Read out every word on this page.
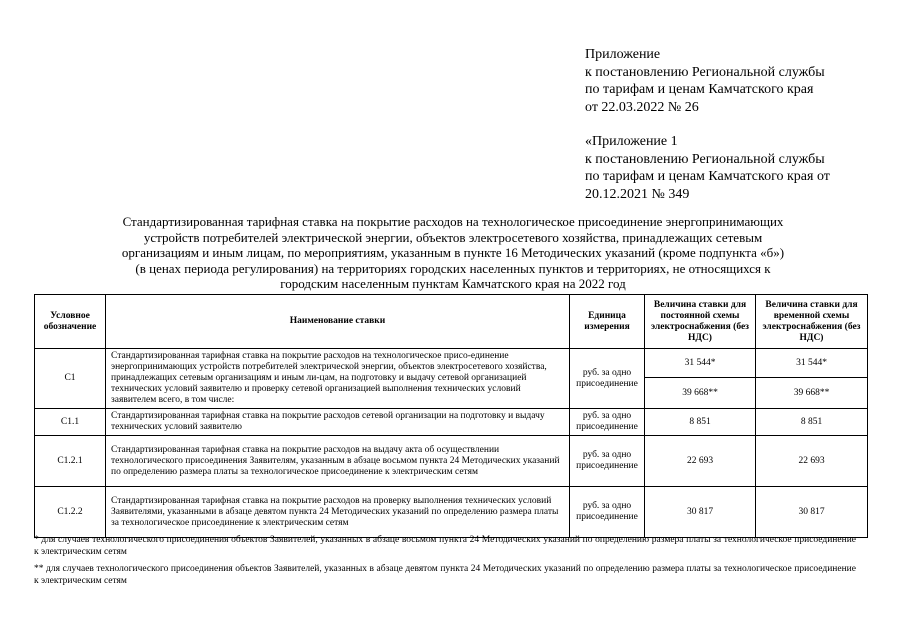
Приложение
к постановлению Региональной службы
по тарифам и ценам Камчатского края
от 22.03.2022 № 26
«Приложение 1
к постановлению Региональной службы
по тарифам и ценам Камчатского края от
20.12.2021 № 349
Стандартизированная тарифная ставка на покрытие расходов на технологическое присоединение энергопринимающих устройств потребителей электрической энергии, объектов электросетевого хозяйства, принадлежащих сетевым организациям и иным лицам, по мероприятиям, указанным в пункте 16 Методических указаний (кроме подпункта «б») (в ценах периода регулирования) на территориях городских населенных пунктов и территориях, не относящихся к городским населенным пунктам Камчатского края на 2022 год
Условное обозначение	Наименование ставки	Единица измерения	Величина ставки для постоянной схемы электроснабжения (без НДС)	Величина ставки для временной схемы электроснабжения (без НДС)
С1	Стандартизированная тарифная ставка на покрытие расходов на технологическое присо-единение энергопринимающих устройств потребителей электрической энергии, объектов электросетевого хозяйства, принадлежащих сетевым организациям и иным ли-цам, на подготовку и выдачу сетевой организацией технических условий заявителю и проверку сетевой организацией выполнения технических условий заявителем всего, в том числе:	руб. за одно присоединение	31 544*	31 544*
			39 668**	39 668**
С1.1	Стандартизированная тарифная ставка на покрытие расходов сетевой организации на подготовку и выдачу технических условий заявителю	руб. за одно присоединение	8 851	8 851
С1.2.1	Стандартизированная тарифная ставка на покрытие расходов на выдачу акта об осуществлении технологического присоединения Заявителям, указанным в абзаце восьмом пункта 24 Методических указаний по определению размера платы за технологическое присоединение к электрическим сетям	руб. за одно присоединение	22 693	22 693
С1.2.2	Стандартизированная тарифная ставка на покрытие расходов на проверку выполнения технических условий Заявителями, указанными в абзаце девятом пункта 24 Методических указаний по определению размера платы за технологическое присоединение к электрическим сетям	руб. за одно присоединение	30 817	30 817

* для случаев технологического присоединения объектов Заявителей, указанных в абзаце восьмом пункта 24 Методических указаний по определению размера платы за технологическое присоединение к электрическим сетям

** для случаев технологического присоединения объектов Заявителей, указанных в абзаце девятом пункта 24 Методических указаний по определению размера платы за технологическое присоединение к электрическим сетям
